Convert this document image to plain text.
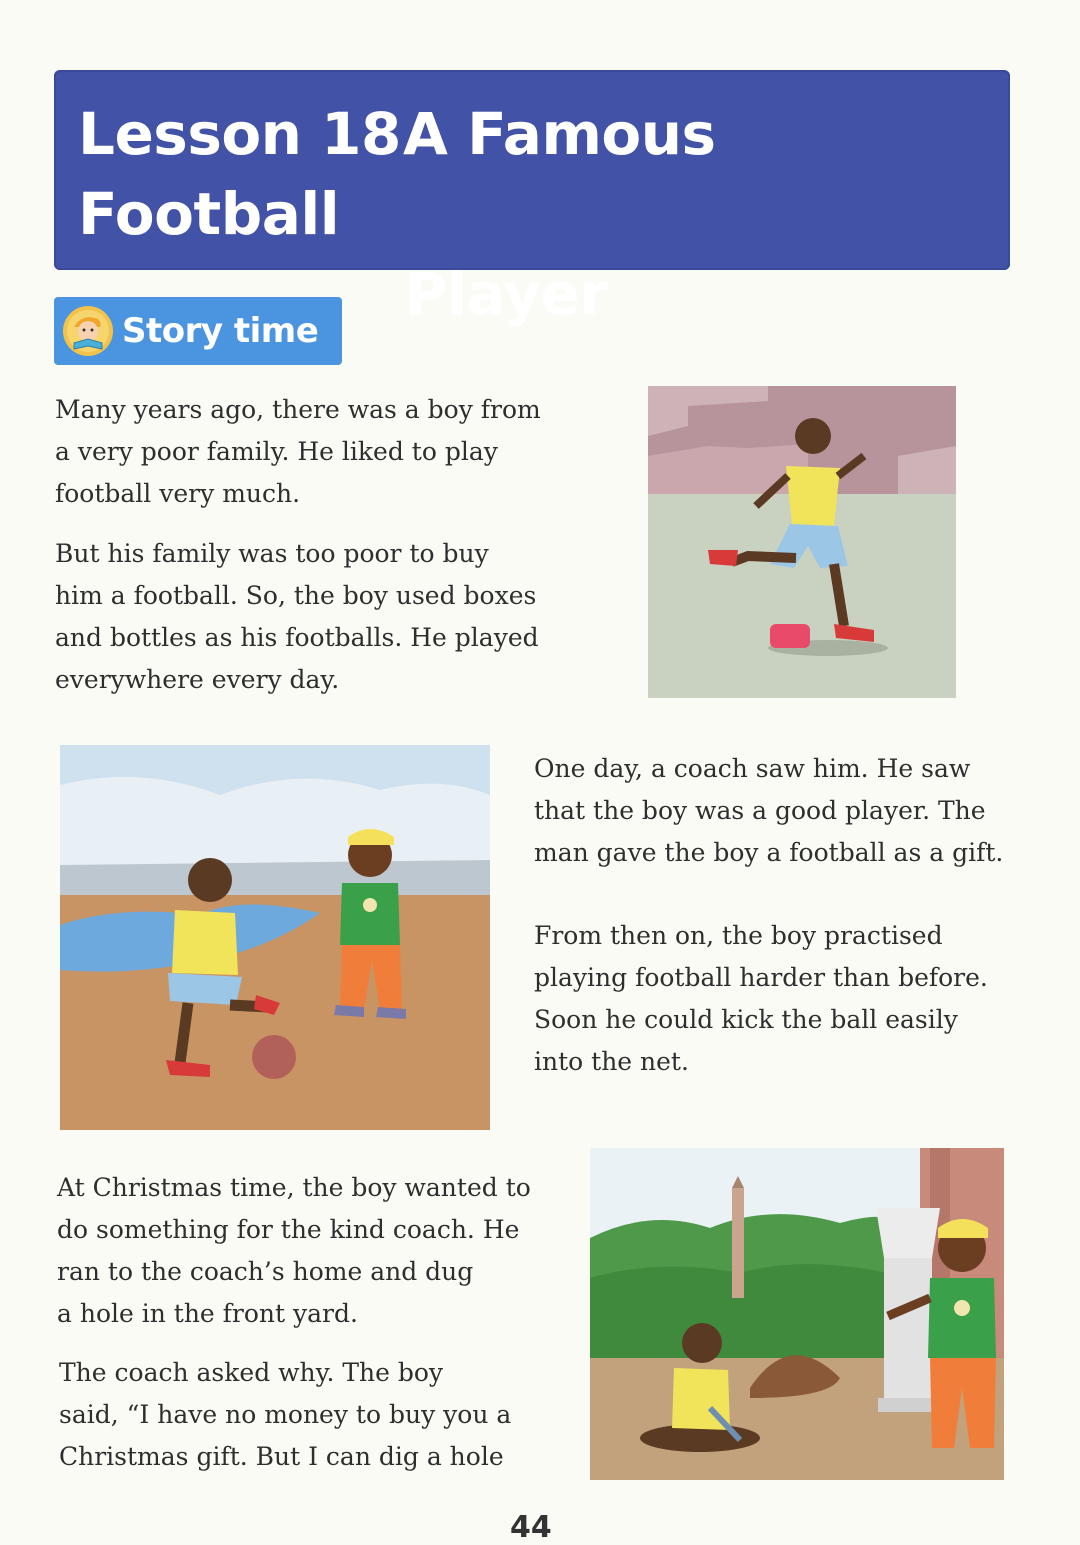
Lesson 18A Famous Football
Player
Story time

Many years ago, there was a boy from
a very poor family. He liked to play
football very much.

But his family was too poor to buy
him a football. So, the boy used boxes
and bottles as his footballs. He played
everywhere every day.

One day, a coach saw him. He saw
that the boy was a good player. The
man gave the boy a football as a gift.

From then on, the boy practised
playing football harder than before.
Soon he could kick the ball easily
into the net.

At Christmas time, the boy wanted to
do something for the kind coach. He
ran to the coach’s home and dug
a hole in the front yard.

The coach asked why. The boy
said, “I have no money to buy you a
Christmas gift. But I can dig a hole

44
